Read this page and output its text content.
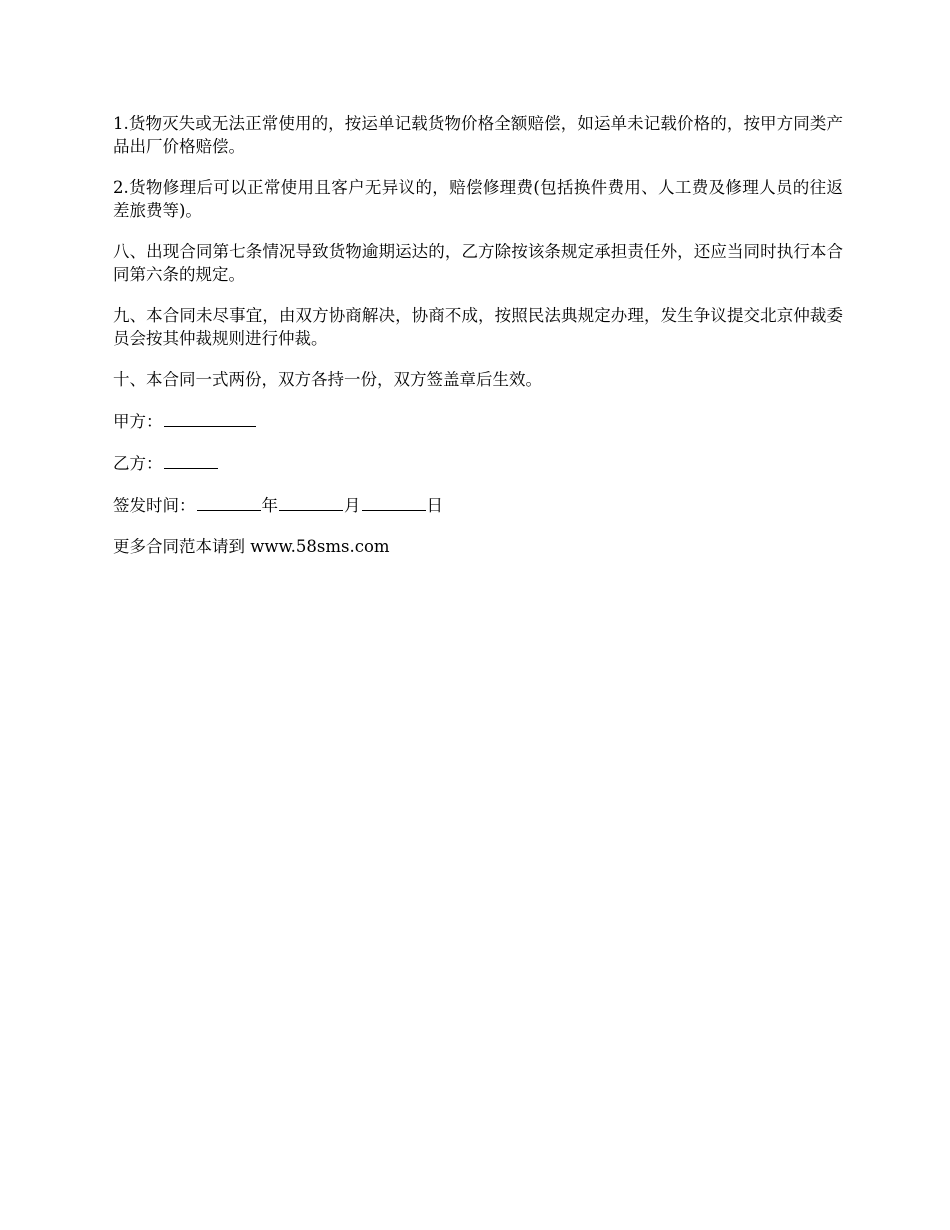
1.货物灭失或无法正常使用的，按运单记载货物价格全额赔偿，如运单未记载价格的，按甲方同类产品出厂价格赔偿。

2.货物修理后可以正常使用且客户无异议的，赔偿修理费(包括换件费用、人工费及修理人员的往返差旅费等)。

八、出现合同第七条情况导致货物逾期运达的，乙方除按该条规定承担责任外，还应当同时执行本合同第六条的规定。

九、本合同未尽事宜，由双方协商解决，协商不成，按照民法典规定办理，发生争议提交北京仲裁委员会按其仲裁规则进行仲裁。

十、本合同一式两份，双方各持一份，双方签盖章后生效。

甲方：

乙方：

签发时间：	年	月	日

更多合同范本请到 www.58sms.com
